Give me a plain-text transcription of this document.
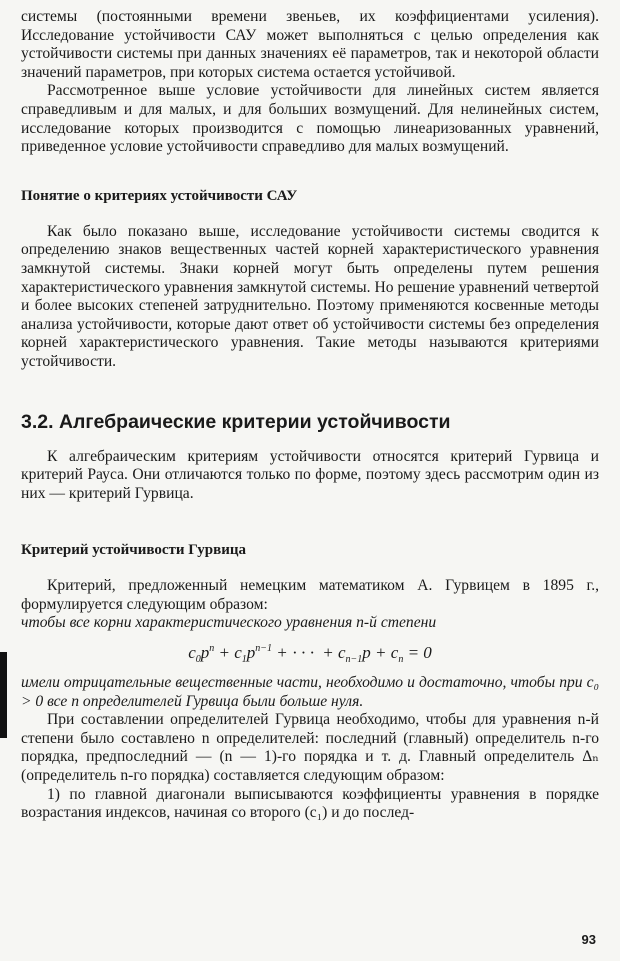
системы (постоянными времени звеньев, их коэффициентами усиления). Исследование устойчивости САУ может выполняться с целью определения как устойчивости системы при данных значениях её параметров, так и некоторой области значений параметров, при которых система остается устойчивой.

Рассмотренное выше условие устойчивости для линейных систем является справедливым и для малых, и для больших возмущений. Для нелинейных систем, исследование которых производится с помощью линеаризованных уравнений, приведенное условие устойчивости справедливо для малых возмущений.

Понятие о критериях устойчивости САУ

Как было показано выше, исследование устойчивости системы сводится к определению знаков вещественных частей корней характеристического уравнения замкнутой системы. Знаки корней могут быть определены путем решения характеристического уравнения замкнутой системы. Но решение уравнений четвертой и более высоких степеней затруднительно. Поэтому применяются косвенные методы анализа устойчивости, которые дают ответ об устойчивости системы без определения корней характеристического уравнения. Такие методы называются критериями устойчивости.

3.2. Алгебраические критерии устойчивости

К алгебраическим критериям устойчивости относятся критерий Гурвица и критерий Рауса. Они отличаются только по форме, поэтому здесь рассмотрим один из них — критерий Гурвица.

Критерий устойчивости Гурвица

Критерий, предложенный немецким математиком А. Гурвицем в 1895 г., формулируется следующим образом:

чтобы все корни характеристического уравнения n-й степени

$c_0p^n + c_1p^{n-1}$ + ··· + $c_{n-1}p + c_n = 0$

имели отрицательные вещественные части, необходимо и достаточно, чтобы при c₀ > 0 все n определителей Гурвица были больше нуля.

При составлении определителей Гурвица необходимо, чтобы для уравнения n-й степени было составлено n определителей: последний (главный) определитель n-го порядка, предпоследний — (n — 1)-го порядка и т. д. Главный определитель Δₙ (определитель n-го порядка) составляется следующим образом:

1) по главной диагонали выписываются коэффициенты уравнения в порядке возрастания индексов, начиная со второго (c₁) и до послед-

93
